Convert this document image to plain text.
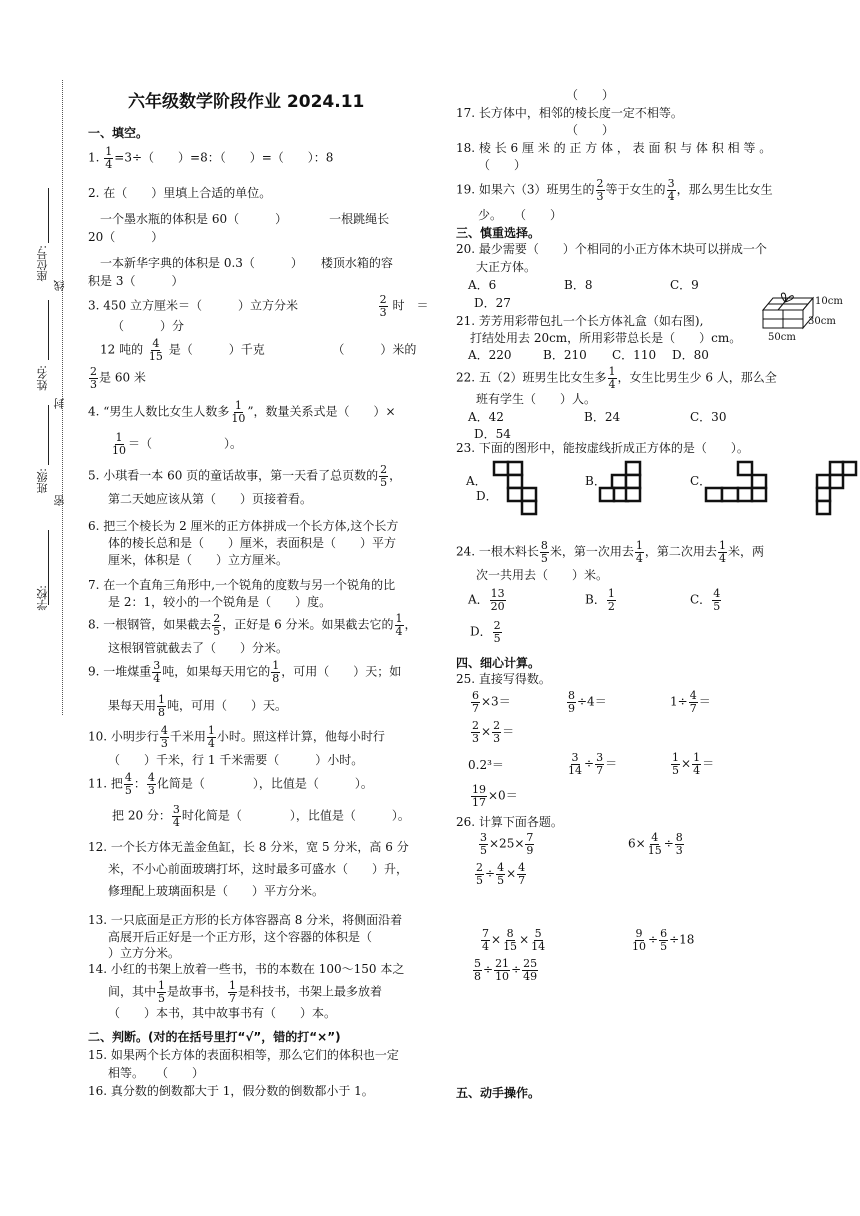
座位号:
线
姓名:
封
班级:
密
学校:
六年级数学阶段作业 2024.11
一、填空。
1. $\frac{1}{4} =3\div$（　　）=8：（　　）=（　　）：8
2. 在（　　）里填上合适的单位。
一个墨水瓶的体积是 60（　　　）　　　　一根跳绳长
20（　　　）
一本新华字典的体积是 0.3（　　　）　　楼顶水箱的容
积是 3（　　　）
3. 450 立方厘米＝（　　　）立方分米	$\frac{2}{3}$ 时　＝
（　　　）分
12 吨的 $\frac{4}{15}$ 是（　　　）千克	（　　　）米的
$\frac{2}{3}$ 是 60 米
4. “男生人数比女生人数多 $\frac{1}{10}$ ”，数量关系式是（　　）×
$\frac{1}{10}$ ＝（　　　　　　）。
5. 小琪看一本 60 页的童话故事，第一天看了总页数的 $\frac{2}{5}$ ，
第二天她应该从第（　　）页接着看。
6. 把三个棱长为 2 厘米的正方体拼成一个长方体,这个长方
体的棱长总和是（　　）厘米，表面积是（　　）平方
厘米，体积是（　　）立方厘米。
7. 在一个直角三角形中,一个锐角的度数与另一个锐角的比
是 2：1，较小的一个锐角是（　　）度。
8. 一根钢管，如果截去 $\frac{2}{5}$ ，正好是 6 分米。如果截去它的 $\frac{1}{4}$ ，
这根钢管就截去了（　　）分米。
9. 一堆煤重 $\frac{3}{4}$ 吨，如果每天用它的 $\frac{1}{8}$ ，可用（　　）天；如
果每天用 $\frac{1}{8}$ 吨，可用（　　）天。
10. 小明步行 $\frac{4}{3}$ 千米用 $\frac{1}{4}$ 小时。照这样计算，他每小时行
（　　）千米，行 1 千米需要（　　　）小时。
11. 把 $\frac{4}{5}$ ： $\frac{4}{3}$ 化简是（　　　　），比值是（　　　）。
把 20 分： $\frac{3}{4}$ 时化简是（　　　　），比值是（　　　）。
12. 一个长方体无盖金鱼缸，长 8 分米，宽 5 分米，高 6 分
米，不小心前面玻璃打坏，这时最多可盛水（　　）升，
修理配上玻璃面积是（　　）平方分米。
13. 一只底面是正方形的长方体容器高 8 分米，将侧面沿着
高展开后正好是一个正方形，这个容器的体积是（
）立方分米。
14. 小红的书架上放着一些书，书的本数在 100～150 本之
间，其中 $\frac{1}{5}$ 是故事书， $\frac{1}{7}$ 是科技书，书架上最多放着
（　　）本书，其中故事书有（　　）本。
二、判断。(对的在括号里打“√”，错的打“×”)
15. 如果两个长方体的表面积相等，那么它们的体积也一定
相等。　　（　　）
16. 真分数的倒数都大于 1，假分数的倒数都小于 1。
（　　）
17. 长方体中，相邻的棱长度一定不相等。
（　　）
18. 棱 长 6 厘 米 的 正 方 体 ， 表 面 积 与 体 积 相 等 。
（　　）
19. 如果六（3）班男生的 $\frac{2}{3}$ 等于女生的 $\frac{3}{4}$ ，那么男生比女生
少。　　（　　）
三、慎重选择。
20. 最少需要（　　）个相同的小正方体木块可以拼成一个
大正方体。
A．6	B．8	C．9
D．27
21. 芳芳用彩带包扎一个长方体礼盒（如右图),
打结处用去 20cm，所用彩带总长是（　　）cm。
A．220	B．210 C．110 D．80
10cm
30cm
50cm
22. 五（2）班男生比女生多 $\frac{1}{4}$ ，女生比男生少 6 人，那么全
班有学生（　　）人。
A．42	B．24	C．30
D．54
23. 下面的图形中，能按虚线折成正方体的是（　　）。
A．
D．
B．	C．
24. 一根木料长 $\frac{8}{5}$ 米，第一次用去 $\frac{1}{4}$ ，第二次用去 $\frac{1}{4}$ 米，两
次一共用去（　　）米。
A． $\frac{13}{20}$	B． $\frac{1}{2}$	C． $\frac{4}{5}$
D． $\frac{2}{5}$
四、细心计算。
25. 直接写得数。
$\frac{6}{7} \times 3=$	$\frac{8}{9} \div 4=$	$1\div \frac{4}{7}$ ＝
$\frac{2}{3} \times \frac{2}{3}$ ＝
0.2³＝	$\frac{3}{14} \div \frac{3}{7}$ ＝	$\frac{1}{5} \times \frac{1}{4}$ ＝
$\frac{19}{17} \times 0=$
26. 计算下面各题。
$\frac{3}{5} \times 25\times \frac{7}{9}$	$6\times \frac{4}{15} \div \frac{8}{3}$
$\frac{2}{5} \div \frac{4}{5} \times \frac{4}{7}$
$\frac{7}{4} \times \frac{8}{15} \times \frac{5}{14}$	$\frac{9}{10} \div \frac{6}{5} \div 18$
$\frac{5}{8} \div \frac{21}{10} \div \frac{25}{49}$
五、动手操作。
